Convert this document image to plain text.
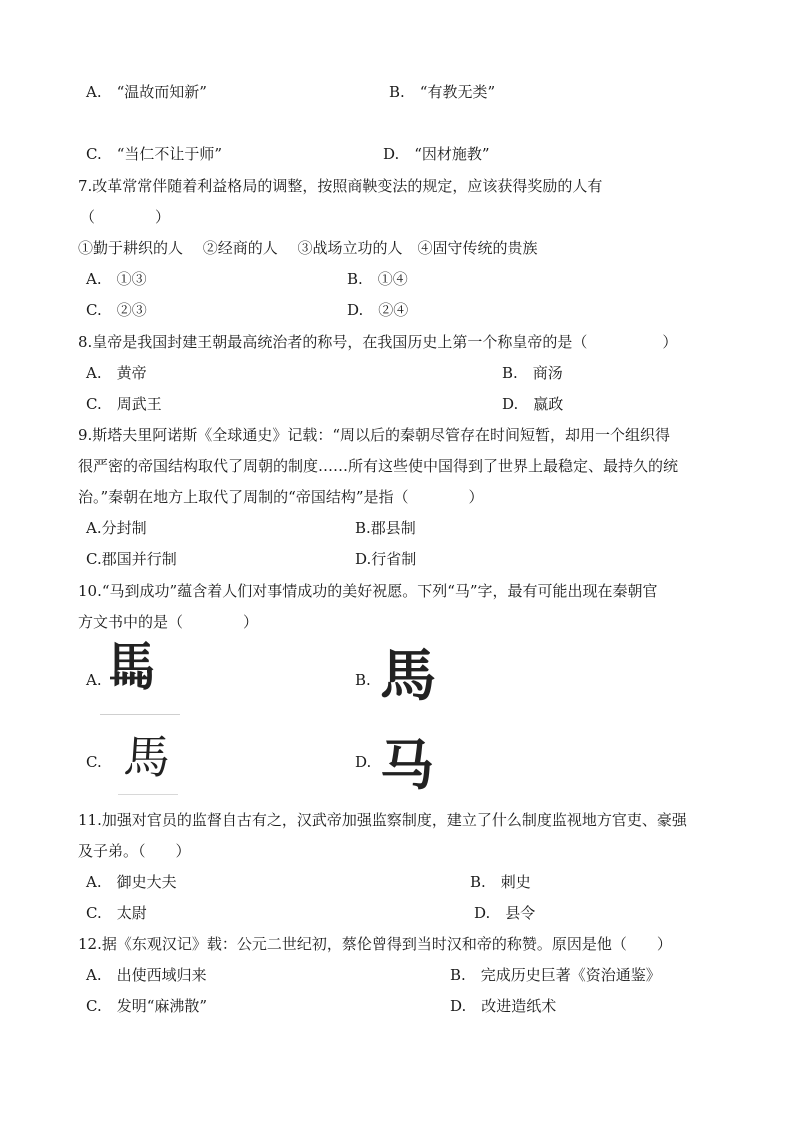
A.　“温故而知新”	B.　“有教无类”
C.　“当仁不让于师”	D.　“因材施教”
7.改革常常伴随着利益格局的调整，按照商鞅变法的规定，应该获得奖励的人有
（　　　　）
①勤于耕织的人　 ②经商的人　 ③战场立功的人　④固守传统的贵族
A.　①③	B.　①④
C.　②③	D.　②④
8.皇帝是我国封建王朝最高统治者的称号，在我国历史上第一个称皇帝的是（　　　　　）
A.　黄帝	B.　商汤
C.　周武王	D.　嬴政
9.斯塔夫里阿诺斯《全球通史》记载：“周以后的秦朝尽管存在时间短暂，却用一个组织得
很严密的帝国结构取代了周朝的制度……所有这些使中国得到了世界上最稳定、最持久的统
治。”秦朝在地方上取代了周制的“帝国结构”是指（　　　　）
A.分封制	B.郡县制
C.郡国并行制	D.行省制
10.“马到成功”蕴含着人们对事情成功的美好祝愿。下列“马”字，最有可能出现在秦朝官
方文书中的是（　　　　）
A. 𩡧	B. 馬
C. 馬	D. 马
11.加强对官员的监督自古有之，汉武帝加强监察制度，建立了什么制度监视地方官吏、豪强
及子弟。（　　）
A.　御史大夫	B.　刺史
C.　太尉	D.　县令
12.据《东观汉记》载：公元二世纪初，蔡伦曾得到当时汉和帝的称赞。原因是他（　　）
A.　出使西域归来	B.　完成历史巨著《资治通鉴》
C.　发明“麻沸散”	D.　改进造纸术
